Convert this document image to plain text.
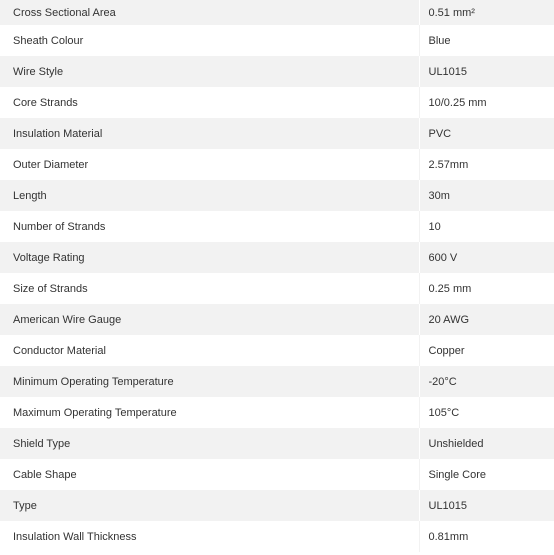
Cross Sectional Area	0.51 mm²
Sheath Colour	Blue
Wire Style	UL1015
Core Strands	10/0.25 mm
Insulation Material	PVC
Outer Diameter	2.57mm
Length	30m
Number of Strands	10
Voltage Rating	600 V
Size of Strands	0.25 mm
American Wire Gauge	20 AWG
Conductor Material	Copper
Minimum Operating Temperature	-20°C
Maximum Operating Temperature	105°C
Shield Type	Unshielded
Cable Shape	Single Core
Type	UL1015
Insulation Wall Thickness	0.81mm
